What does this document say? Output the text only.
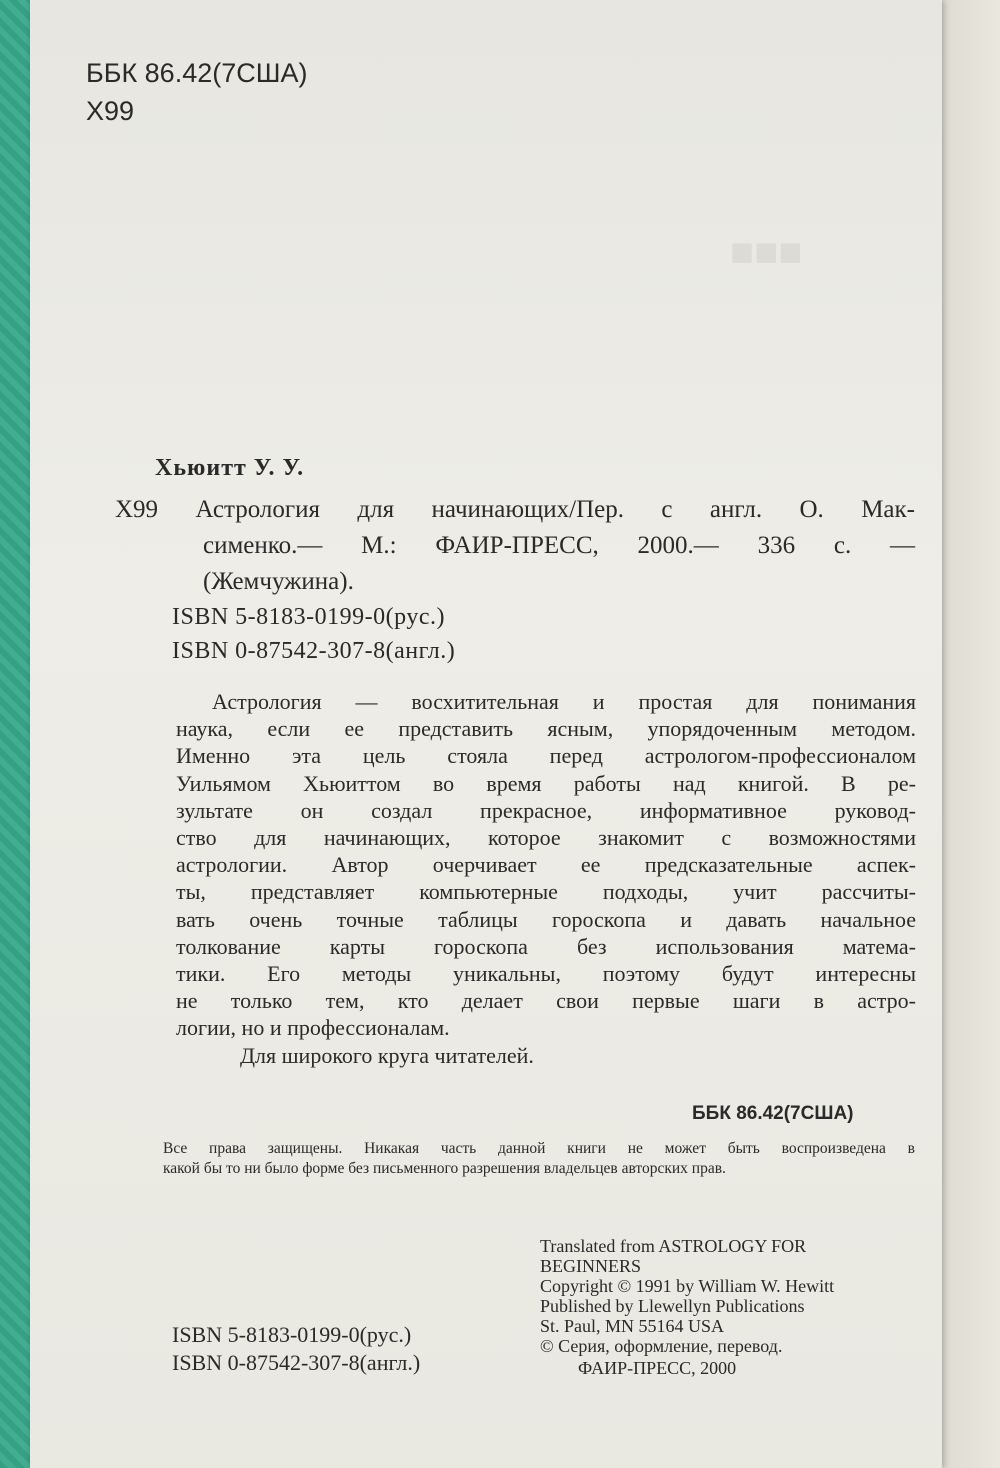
■■■
ББК 86.42(7США)
Х99
Хьюитт У. У.
Х99 Астрология для начинающих/Пер. с англ. О. Мак-
сименко.— М.: ФАИР-ПРЕСС, 2000.— 336 с. —
(Жемчужина).
ISBN 5-8183-0199-0(рус.)
ISBN 0-87542-307-8(англ.)
Астрология — восхитительная и простая для понимания
наука, если ее представить ясным, упорядоченным методом.
Именно эта цель стояла перед астрологом-профессионалом
Уильямом Хьюиттом во время работы над книгой. В ре-
зультате он создал прекрасное, информативное руковод-
ство для начинающих, которое знакомит с возможностями
астрологии. Автор очерчивает ее предсказательные аспек-
ты, представляет компьютерные подходы, учит рассчиты-
вать очень точные таблицы гороскопа и давать начальное
толкование карты гороскопа без использования матема-
тики. Его методы уникальны, поэтому будут интересны
не только тем, кто делает свои первые шаги в астро-
логии, но и профессионалам.
Для широкого круга читателей.
ББК 86.42(7США)
Все права защищены. Никакая часть данной книги не может быть воспроизведена в
какой бы то ни было форме без письменного разрешения владельцев авторских прав.
Translated from ASTROLOGY FOR
BEGINNERS
Copyright © 1991 by William W. Hewitt
Published by Llewellyn Publications
St. Paul, MN 55164 USA
© Серия, оформление, перевод.
ФАИР-ПРЕСС, 2000
ISBN 5-8183-0199-0(рус.)
ISBN 0-87542-307-8(англ.)
